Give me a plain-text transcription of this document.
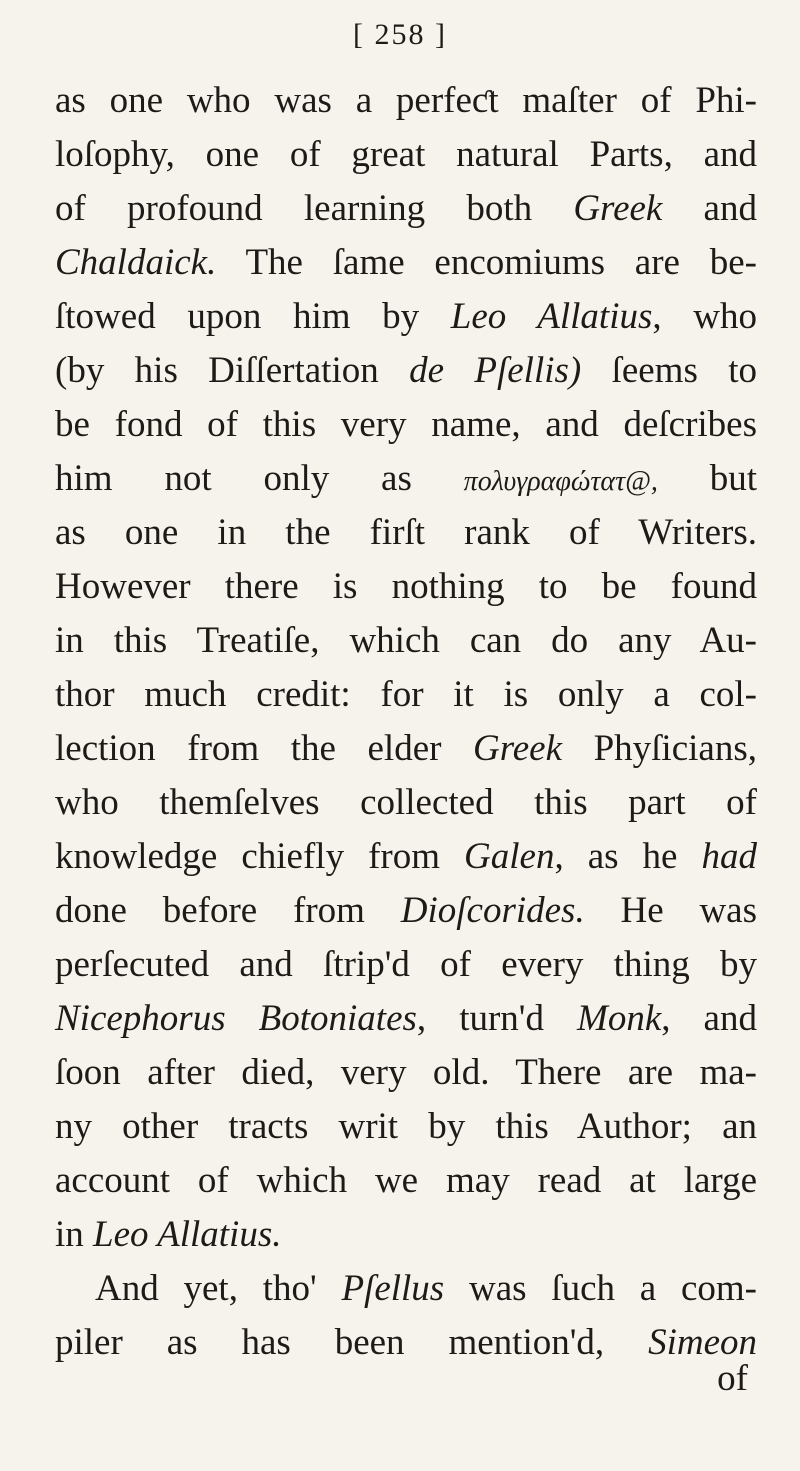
[ 258 ]
as one who was a perfeƈt maſter of Phi-
loſophy, one of great natural Parts, and
of profound learning both Greek and
Chaldaick. The ſame encomiums are be-
ſtowed upon him by Leo Allatius, who
(by his Diſſertation de Pſellis) ſeems to
be fond of this very name, and deſcribes
him not only as πολυγραφώτατ@, but
as one in the firſt rank of Writers.
However there is nothing to be found
in this Treatiſe, which can do any Au-
thor much credit: for it is only a col-
lection from the elder Greek Phyſicians,
who themſelves collected this part of
knowledge chiefly from Galen, as he had
done before from Dioſcorides. He was
perſecuted and ſtrip'd of every thing by
Nicephorus Botoniates, turn'd Monk, and
ſoon after died, very old. There are ma-
ny other tracts writ by this Author; an
account of which we may read at large
in Leo Allatius.
And yet, tho' Pſellus was ſuch a com-
piler as has been mention'd, Simeon
of
